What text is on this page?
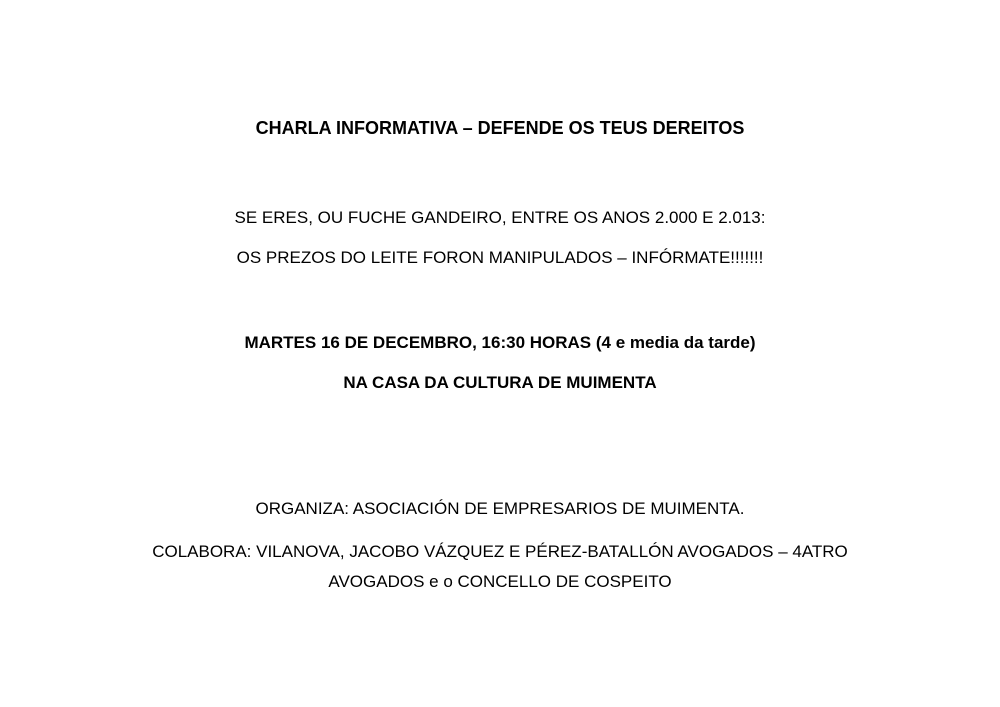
CHARLA INFORMATIVA – DEFENDE OS TEUS DEREITOS
SE ERES, OU FUCHE GANDEIRO, ENTRE OS ANOS 2.000 E 2.013:
OS PREZOS DO LEITE FORON MANIPULADOS – INFÓRMATE!!!!!!!
MARTES 16 DE DECEMBRO, 16:30 HORAS (4 e media da tarde)
NA CASA DA CULTURA DE MUIMENTA
ORGANIZA: ASOCIACIÓN DE EMPRESARIOS DE MUIMENTA.
COLABORA: VILANOVA, JACOBO VÁZQUEZ E PÉREZ-BATALLÓN AVOGADOS – 4ATRO
AVOGADOS e o CONCELLO DE COSPEITO
